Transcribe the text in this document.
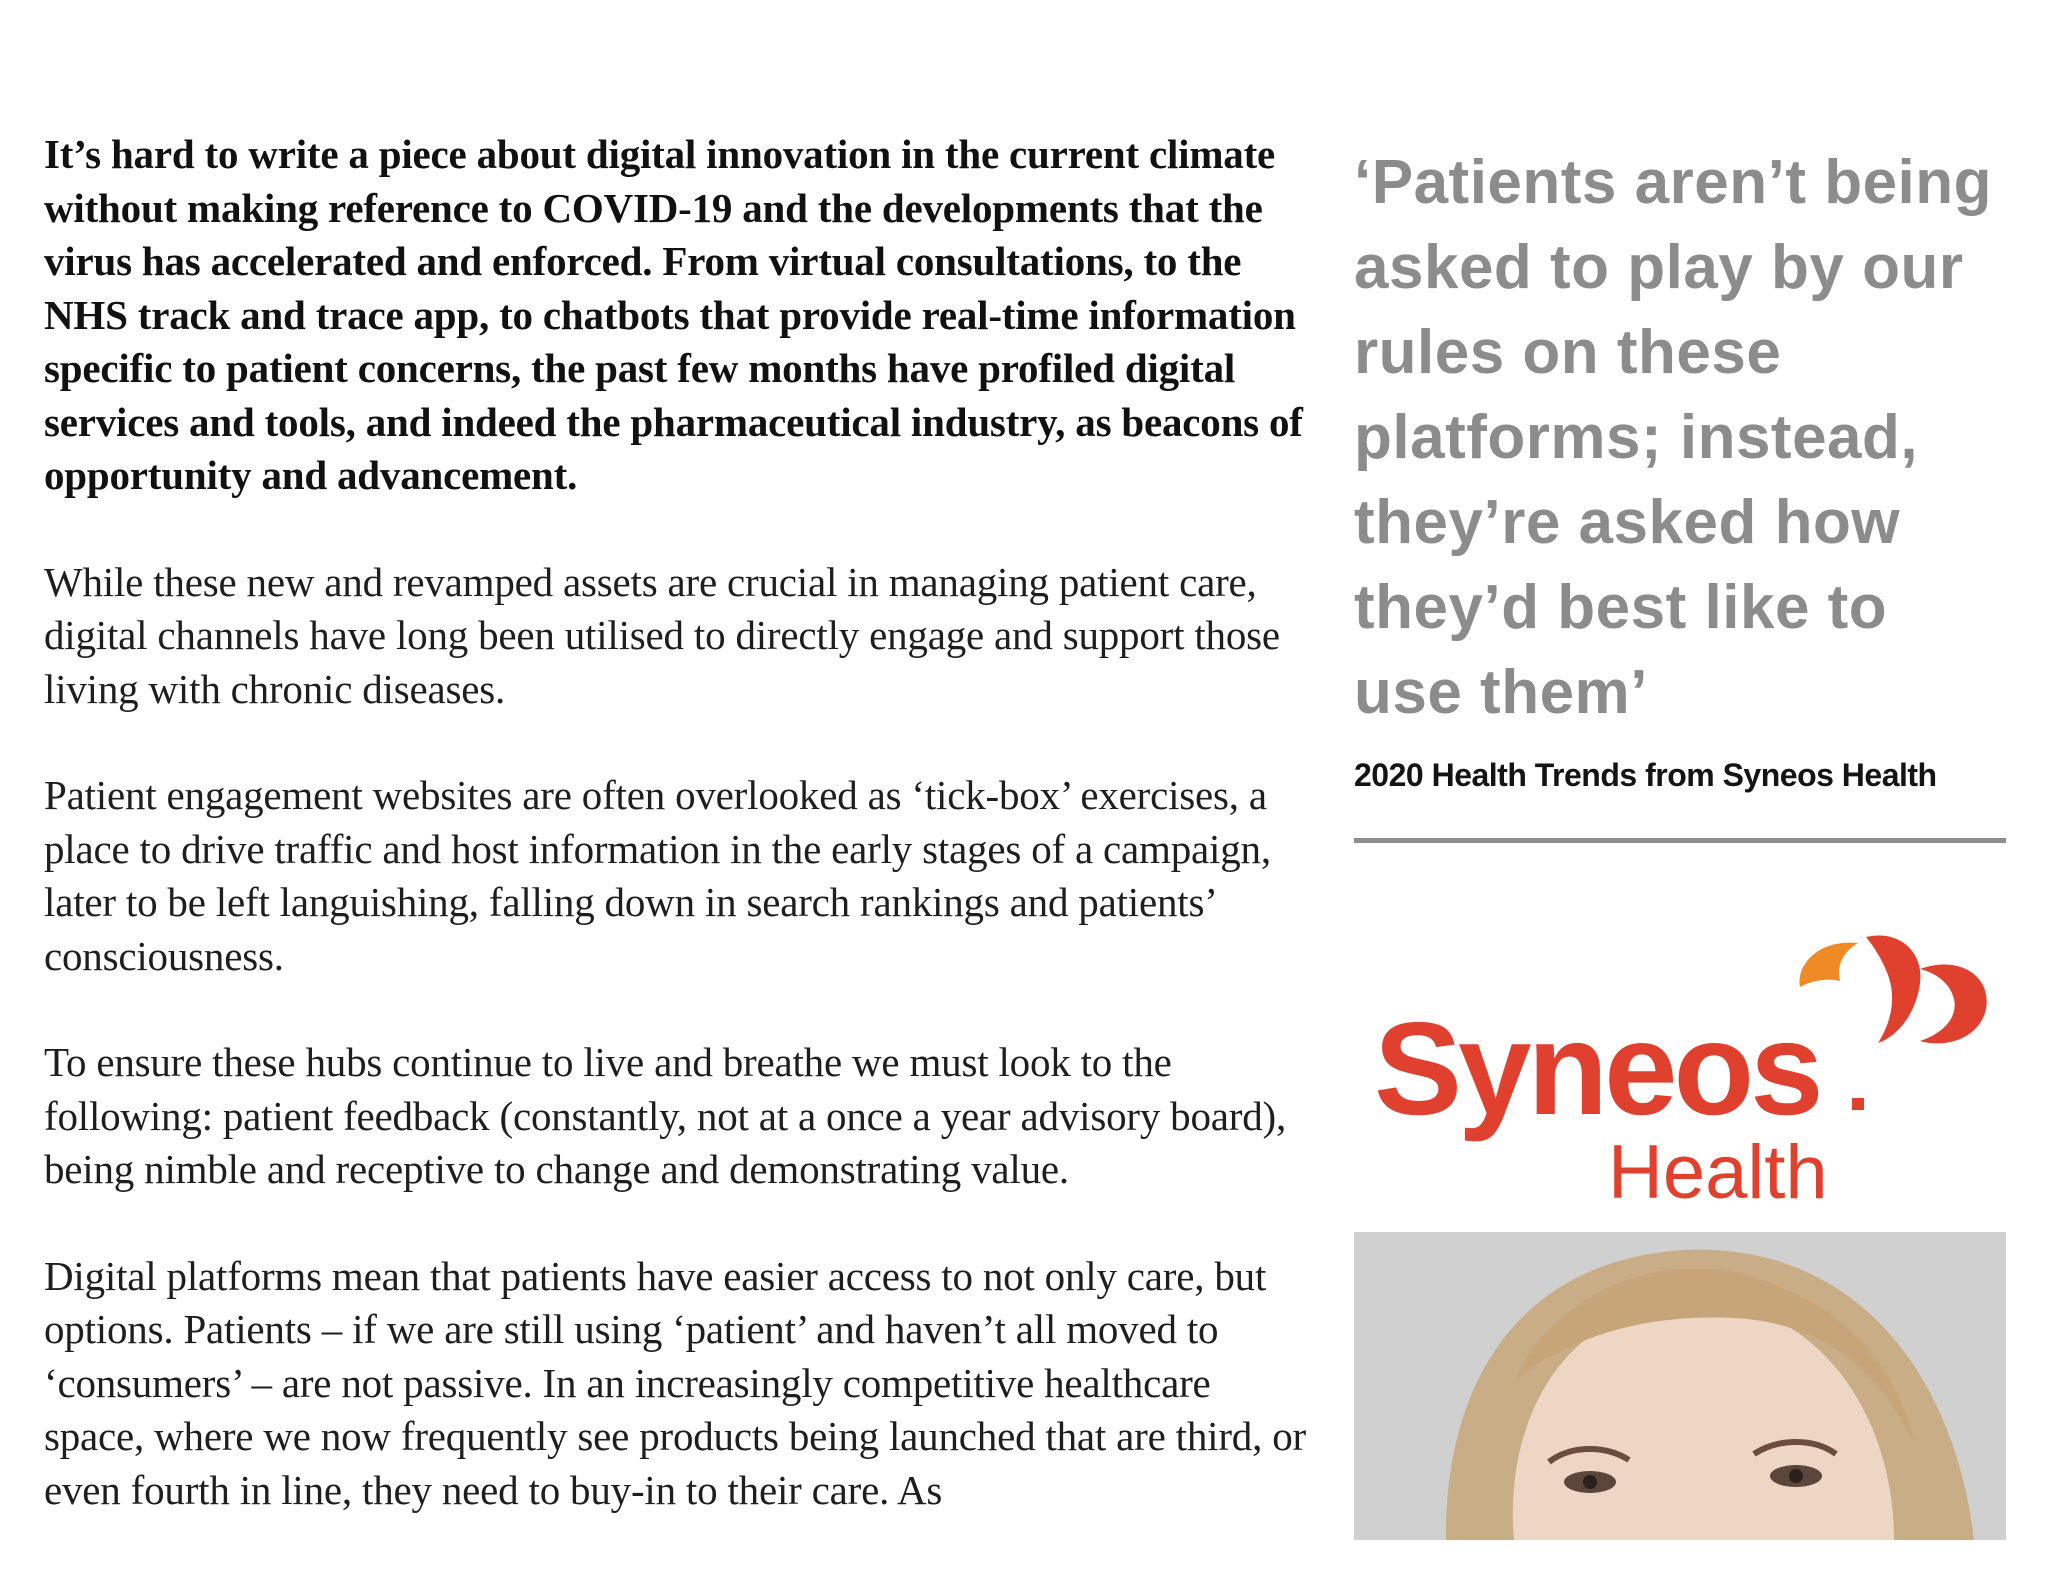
It’s hard to write a piece about digital innovation in the current climate without making reference to COVID-19 and the developments that the virus has accelerated and enforced. From virtual consultations, to the NHS track and trace app, to chatbots that provide real-time information specific to patient concerns, the past few months have profiled digital services and tools, and indeed the pharmaceutical industry, as beacons of opportunity and advancement.

While these new and revamped assets are crucial in managing patient care, digital channels have long been utilised to directly engage and support those living with chronic diseases.

Patient engagement websites are often overlooked as ‘tick-box’ exercises, a place to drive traffic and host information in the early stages of a campaign, later to be left languishing, falling down in search rankings and patients’ consciousness.

To ensure these hubs continue to live and breathe we must look to the following: patient feedback (constantly, not at a once a year advisory board), being nimble and receptive to change and demonstrating value.

Digital platforms mean that patients have easier access to not only care, but options. Patients – if we are still using ‘patient’ and haven’t all moved to ‘consumers’ – are not passive. In an increasingly competitive healthcare space, where we now frequently see products being launched that are third, or even fourth in line, they need to buy-in to their care. As

‘Patients aren’t being asked to play by our rules on these platforms; instead, they’re asked how they’d best like to use them’

2020 Health Trends from Syneos Health
Syneos
Health
